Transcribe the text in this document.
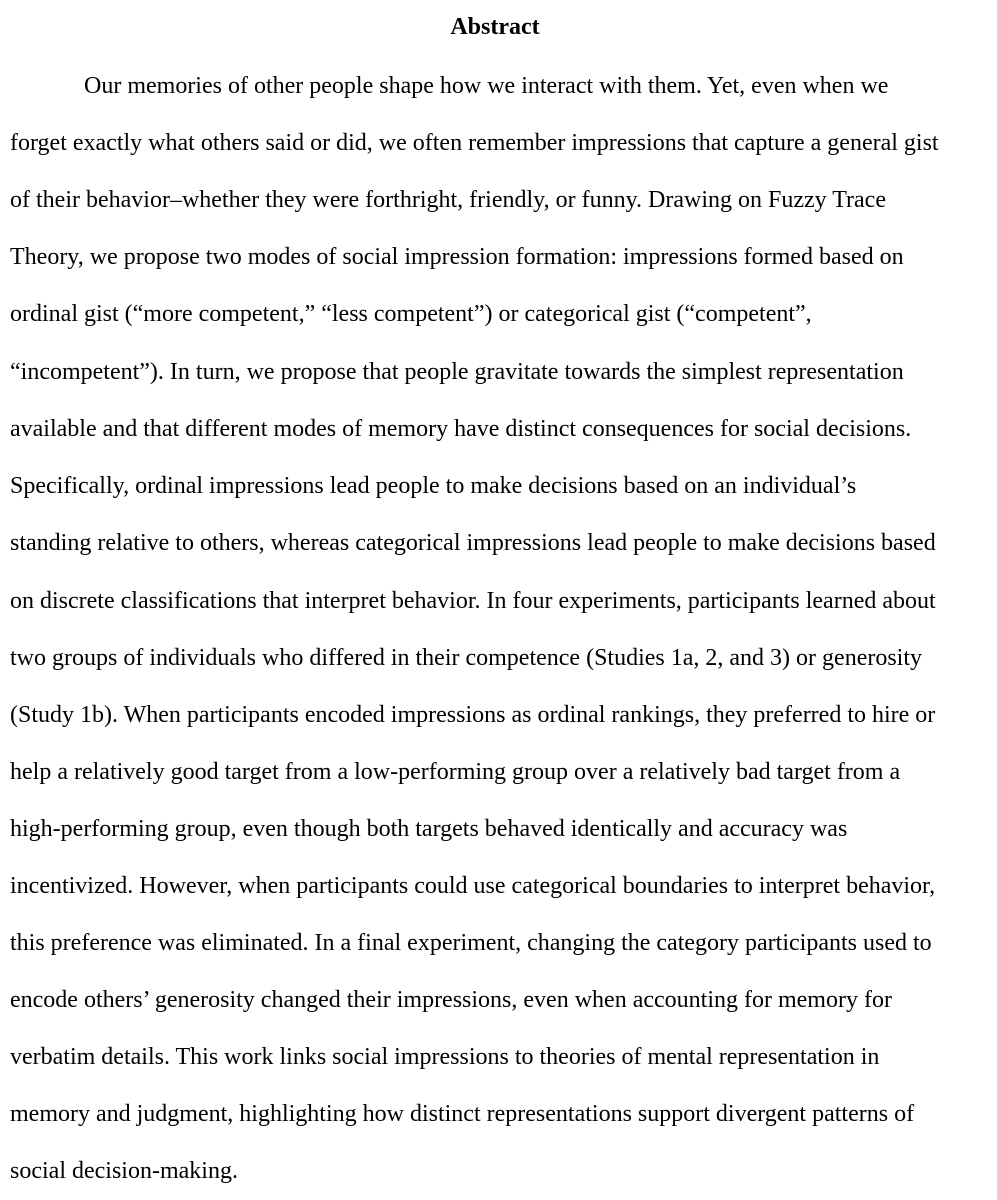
Abstract

Our memories of other people shape how we interact with them. Yet, even when we

forget exactly what others said or did, we often remember impressions that capture a general gist

of their behavior–whether they were forthright, friendly, or funny. Drawing on Fuzzy Trace

Theory, we propose two modes of social impression formation: impressions formed based on

ordinal gist (“more competent,” “less competent”) or categorical gist (“competent”,

“incompetent”). In turn, we propose that people gravitate towards the simplest representation

available and that different modes of memory have distinct consequences for social decisions.

Specifically, ordinal impressions lead people to make decisions based on an individual’s

standing relative to others, whereas categorical impressions lead people to make decisions based

on discrete classifications that interpret behavior. In four experiments, participants learned about

two groups of individuals who differed in their competence (Studies 1a, 2, and 3) or generosity

(Study 1b). When participants encoded impressions as ordinal rankings, they preferred to hire or

help a relatively good target from a low-performing group over a relatively bad target from a

high-performing group, even though both targets behaved identically and accuracy was

incentivized. However, when participants could use categorical boundaries to interpret behavior,

this preference was eliminated. In a final experiment, changing the category participants used to

encode others’ generosity changed their impressions, even when accounting for memory for

verbatim details. This work links social impressions to theories of mental representation in

memory and judgment, highlighting how distinct representations support divergent patterns of

social decision-making.
